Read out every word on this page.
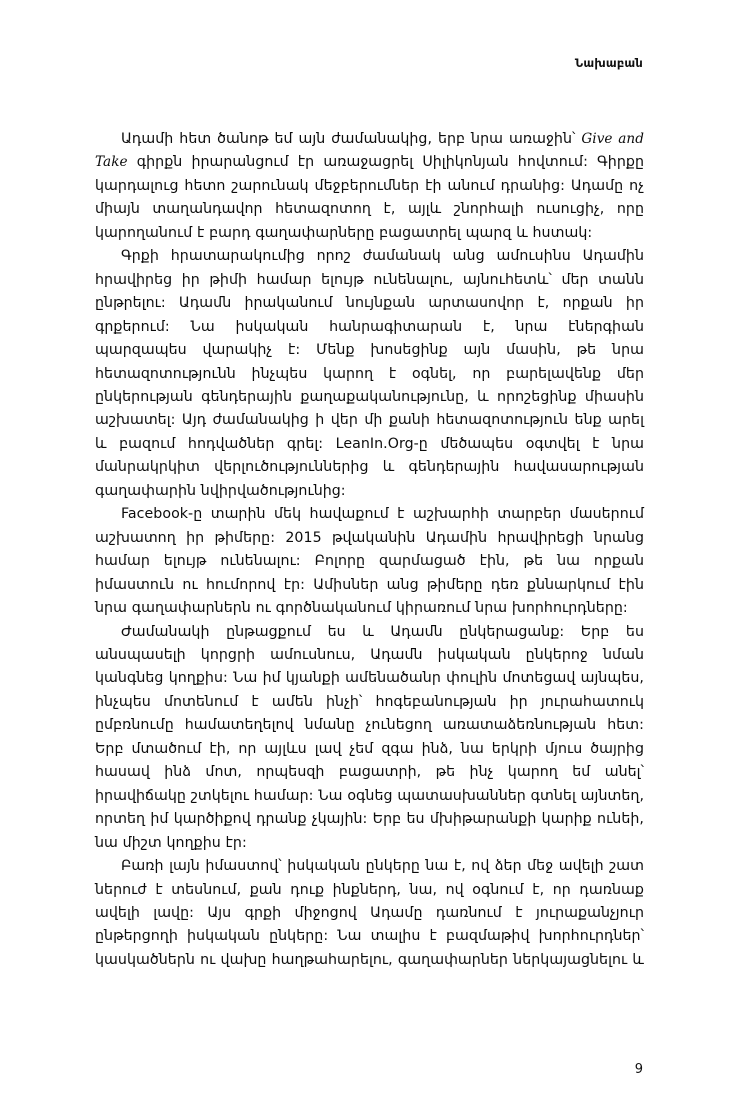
Նախաբան

Ադամի հետ ծանոթ եմ այն ժամանակից, երբ նրա առաջին՝ Give and Take գիրքն իրարանցում էր առաջացրել Սիլիկոնյան հովտում: Գիրքը կարդալուց հետո շարունակ մեջբերումներ էի անում դրանից: Ադամը ոչ միայն տաղանդավոր հետազոտող է, այլև շնորհալի ուսուցիչ, որը կարողանում է բարդ գաղափարները բացատրել պարզ և հստակ:

Գրքի հրատարակումից որոշ ժամանակ անց ամուսինս Ադամին հրավիրեց իր թիմի համար ելույթ ունենալու, այնուհետև՝ մեր տանն ընթրելու: Ադամն իրականում նույնքան արտասովոր է, որքան իր գրքերում: Նա իսկական հանրագիտարան է, նրա էներգիան պարզապես վարակիչ է: Մենք խոսեցինք այն մասին, թե նրա հետազոտությունն ինչպես կարող է օգնել, որ բարելավենք մեր ընկերության գենդերային քաղաքականությունը, և որոշեցինք միասին աշխատել: Այդ ժամանակից ի վեր մի քանի հետազոտություն ենք արել և բազում հոդվածներ գրել: LeanIn.Org-ը մեծապես օգտվել է նրա մանրակրկիտ վերլուծություններից և գենդերային հավասարության գաղափարին նվիրվածությունից:

Facebook-ը տարին մեկ հավաքում է աշխարհի տարբեր մասերում աշխատող իր թիմերը: 2015 թվականին Ադամին հրավիրեցի նրանց համար ելույթ ունենալու: Բոլորը զարմացած էին, թե նա որքան իմաստուն ու հումորով էր: Ամիսներ անց թիմերը դեռ քննարկում էին նրա գաղափարներն ու գործնականում կիրառում նրա խորհուրդները:

Ժամանակի ընթացքում ես և Ադամն ընկերացանք: Երբ ես անսպասելի կորցրի ամուսնուս, Ադամն իսկական ընկերոջ նման կանգնեց կողքիս: Նա իմ կյանքի ամենածանր փուլին մոտեցավ այնպես, ինչպես մոտենում է ամեն ինչի՝ հոգեբանության իր յուրահատուկ ըմբռնումը համատեղելով նմանը չունեցող առատաձեռնության հետ: Երբ մտածում էի, որ այլևս լավ չեմ զգա ինձ, նա երկրի մյուս ծայրից հասավ ինձ մոտ, որպեսզի բացատրի, թե ինչ կարող եմ անել՝ իրավիճակը շտկելու համար: Նա օգնեց պատասխաններ գտնել այնտեղ, որտեղ իմ կարծիքով դրանք չկային: Երբ ես մխիթարանքի կարիք ունեի, նա միշտ կողքիս էր:

Բառի լայն իմաստով՝ իսկական ընկերը նա է, ով ձեր մեջ ավելի շատ ներուժ է տեսնում, քան դուք ինքներդ, նա, ով օգնում է, որ դառնաք ավելի լավը: Այս գրքի միջոցով Ադամը դառնում է յուրաքանչյուր ընթերցողի իսկական ընկերը: Նա տալիս է բազմաթիվ խորհուրդներ՝ կասկածներն ու վախը հաղթահարելու, գաղափարներ ներկայացնելու և

9
